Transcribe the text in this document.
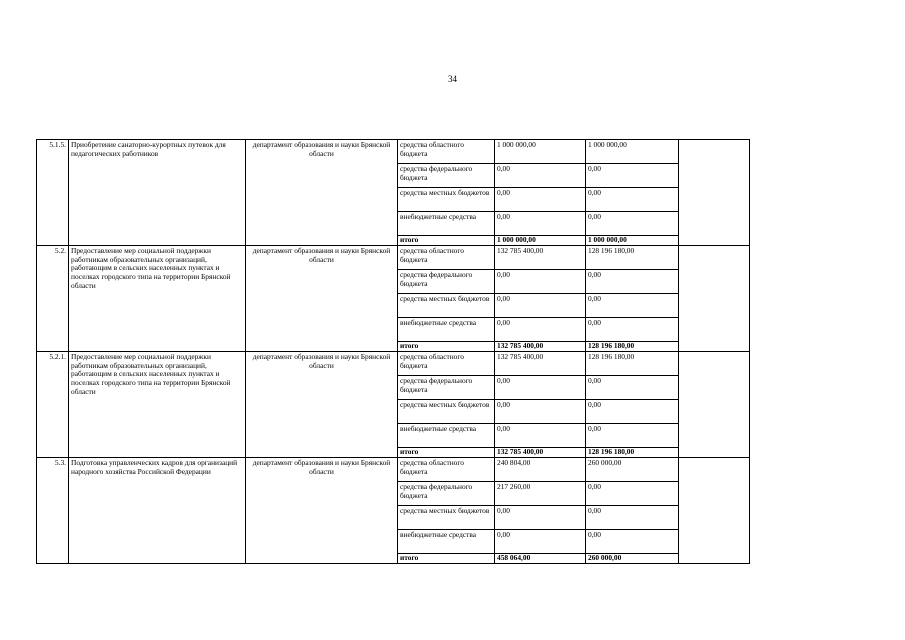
34
5.1.5.	Приобретение санаторно-курортных путевок для педагогических работников	департамент образования и науки Брянской области	средства областного бюджета	1 000 000,00	1 000 000,00	
			средства федерального бюджета	0,00	0,00	
			средства местных бюджетов	0,00	0,00	
			внебюджетные средства	0,00	0,00	
			итого	1 000 000,00	1 000 000,00	
5.2.	Предоставление мер социальной поддержки работникам образовательных организаций, работающим в сельских населенных пунктах и поселках городского типа на территории Брянской области	департамент образования и науки Брянской области	средства областного бюджета	132 785 400,00	128 196 180,00	
			средства федерального бюджета	0,00	0,00	
			средства местных бюджетов	0,00	0,00	
			внебюджетные средства	0,00	0,00	
			итого	132 785 400,00	128 196 180,00	
5.2.1.	Предоставление мер социальной поддержки работникам образовательных организаций, работающим в сельских населенных пунктах и поселках городского типа на территории Брянской области	департамент образования и науки Брянской области	средства областного бюджета	132 785 400,00	128 196 180,00	
			средства федерального бюджета	0,00	0,00	
			средства местных бюджетов	0,00	0,00	
			внебюджетные средства	0,00	0,00	
			итого	132 785 400,00	128 196 180,00	
5.3.	Подготовка управленческих кадров для организаций народного хозяйства Российской Федерации	департамент образования и науки Брянской области	средства областного бюджета	240 804,00	260 000,00	
			средства федерального бюджета	217 260,00	0,00	
			средства местных бюджетов	0,00	0,00	
			внебюджетные средства	0,00	0,00	
			итого	458 064,00	260 000,00	
